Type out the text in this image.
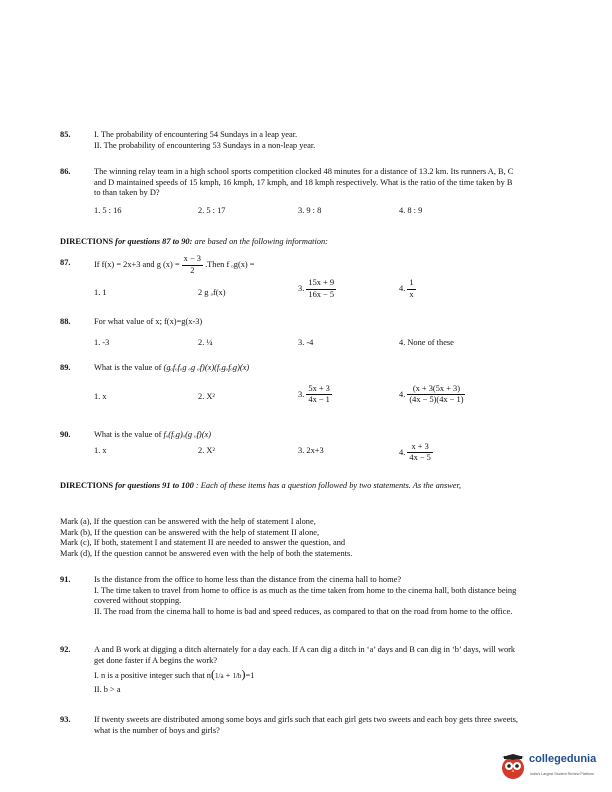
85.	I. The probability of encountering 54 Sundays in a leap year.
II. The probability of encountering 53 Sundays in a non-leap year.
86.	The winning relay team in a high school sports competition clocked 48 minutes for a distance of 13.2 km. Its runners A, B, C and D maintained speeds of 15 kmph, 16 kmph, 17 kmph, and 18 kmph respectively. What is the ratio of the time taken by B to than taken by D?
1. 5 : 16	2. 5 : 17	3. 9 : 8	4. 8 : 9
DIRECTIONS for questions 87 to 90: are based on the following information:
87.	If f(x) = 2x+3 and g $(x) = \frac{x - 3}{2}$ .Then f ₒg(x) =
1. 1	2 g ₒf(x)	3. $\frac{15x + 9}{16x - 5}$	4. $\frac{1}{x}$
88.	For what value of x; f(x)=g(x-3)
1. -3	2. ¼	3. -4	4. None of these
89.	What is the value of (gₒfₒfₒg ₒg ₒf)(x)(fₒgₒfₒg)(x)
1. x	2. X²	3. $\frac{5x + 3}{4x - 1}$	4. $\frac{(x + 3(5x + 3)}{(4x - 5)(4x - 1)}$
90.	What is the value of fₒ(fₒg)ₒ(g ₒf)(x)
1. x	2. X²	3. 2x+3	4. $\frac{x + 3}{4x - 5}$
DIRECTIONS for questions 91 to 100 : Each of these items has a question followed by two statements. As the answer,
Mark (a), If the question can be answered with the help of statement I alone,
Mark (b), If the question can be answered with the help of statement II alone,
Mark (c), If both, statement I and statement II are needed to answer the question, and
Mark (d), If the question cannot be answered even with the help of both the statements.
91.	Is the distance from the office to home less than the distance from the cinema hall to home?
I. The time taken to travel from home to office is as much as the time taken from home to the cinema hall, both distance being covered without stopping.
II. The road from the cinema hall to home is bad and speed reduces, as compared to that on the road from home to the office.
92.	A and B work at digging a ditch alternately for a day each. If A can dig a ditch in ‘a’ days and B can dig in ‘b’ days, will work get done faster if A begins the work?
I. n is a positive integer such that n(1/a + 1/b)=1
II. b > a
93.	If twenty sweets are distributed among some boys and girls such that each girl gets two sweets and each boy gets three sweets, what is the number of boys and girls?
collegedunia
India's Largest Student Review Platform
